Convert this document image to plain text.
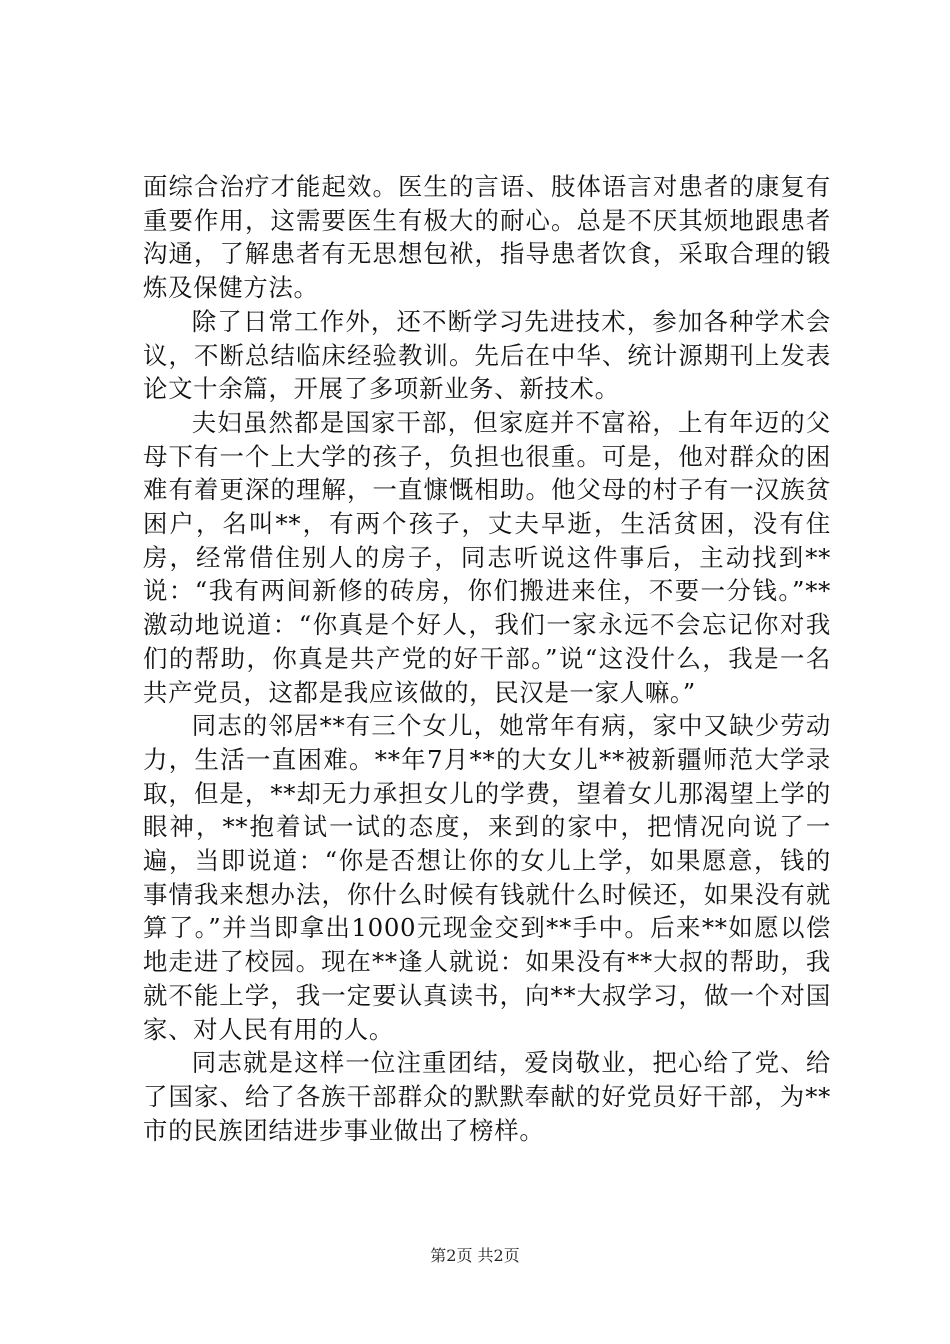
面综合治疗才能起效。医生的言语、肢体语言对患者的康复有重要作用，这需要医生有极大的耐心。总是不厌其烦地跟患者沟通，了解患者有无思想包袱，指导患者饮食，采取合理的锻炼及保健方法。

除了日常工作外，还不断学习先进技术，参加各种学术会议，不断总结临床经验教训。先后在中华、统计源期刊上发表论文十余篇，开展了多项新业务、新技术。

夫妇虽然都是国家干部，但家庭并不富裕，上有年迈的父母下有一个上大学的孩子，负担也很重。可是，他对群众的困难有着更深的理解，一直慷慨相助。他父母的村子有一汉族贫困户，名叫**，有两个孩子，丈夫早逝，生活贫困，没有住房，经常借住别人的房子，同志听说这件事后，主动找到**说：“我有两间新修的砖房，你们搬进来住，不要一分钱。”**激动地说道：“你真是个好人，我们一家永远不会忘记你对我们的帮助，你真是共产党的好干部。”说“这没什么，我是一名共产党员，这都是我应该做的，民汉是一家人嘛。”

同志的邻居**有三个女儿，她常年有病，家中又缺少劳动力，生活一直困难。**年7月**的大女儿**被新疆师范大学录取，但是，**却无力承担女儿的学费，望着女儿那渴望上学的眼神，**抱着试一试的态度，来到的家中，把情况向说了一遍，当即说道：“你是否想让你的女儿上学，如果愿意，钱的事情我来想办法，你什么时候有钱就什么时候还，如果没有就算了。”并当即拿出1000元现金交到**手中。后来**如愿以偿地走进了校园。现在**逢人就说：如果没有**大叔的帮助，我就不能上学，我一定要认真读书，向**大叔学习，做一个对国家、对人民有用的人。

同志就是这样一位注重团结，爱岗敬业，把心给了党、给了国家、给了各族干部群众的默默奉献的好党员好干部，为**市的民族团结进步事业做出了榜样。

第2页 共2页
